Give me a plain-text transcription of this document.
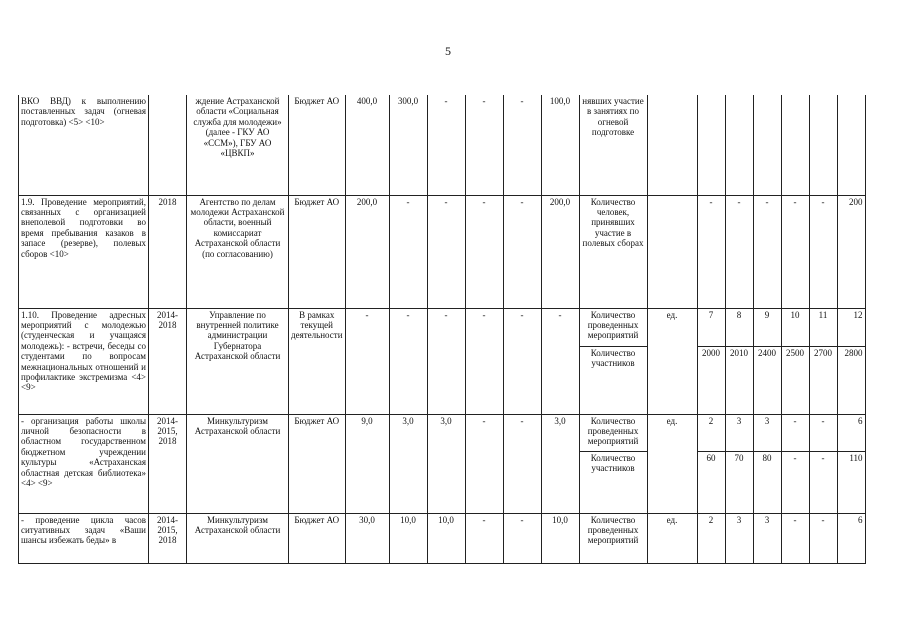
5
ВКО ВВД) к выполнению поставленных задач (огневая подготовка) <5> <10>		ждение Астраханской области «Социальная служба для молодежи» (далее - ГКУ АО «ССМ»), ГБУ АО «ЦВКП»	Бюджет АО	400,0	300,0	-	-	-	100,0	нявших участие в занятиях по огневой подготовке							
1.9. Проведение мероприятий, связанных с организацией внеполевой подготовки во время пребывания казаков в запасе (резерве), полевых сборов <10>	2018	Агентство по делам молодежи Астраханской области, военный комиссариат Астраханской области (по согласованию)	Бюджет АО	200,0	-	-	-	-	200,0	Количество человек, принявших участие в полевых сборах		-	-	-	-	-	200
1.10. Проведение адресных мероприятий с молодежью (студенческая и учащаяся молодежь): - встречи, беседы со студентами по вопросам межнациональных отношений и профилактике экстремизма <4> <9>	2014-2018	Управление по внутренней политике администрации Губернатора Астраханской области	В рамках текущей деятельности	-	-	-	-	-	-	Количество проведенных мероприятий	ед.	7	8	9	10	11	12
										Количество участников		2000	2010	2400	2500	2700	2800
- организация работы школы личной безопасности в областном государственном бюджетном учреждении культуры «Астраханская областная детская библиотека» <4> <9>	2014-2015, 2018	Минкультуризм Астраханской области	Бюджет АО	9,0	3,0	3,0	-	-	3,0	Количество проведенных мероприятий	ед.	2	3	3	-	-	6
										Количество участников		60	70	80	-	-	110
- проведение цикла часов ситуативных задач «Ваши шансы избежать беды» в	2014-2015, 2018	Минкультуризм Астраханской области	Бюджет АО	30,0	10,0	10,0	-	-	10,0	Количество проведенных мероприятий	ед.	2	3	3	-	-	6
